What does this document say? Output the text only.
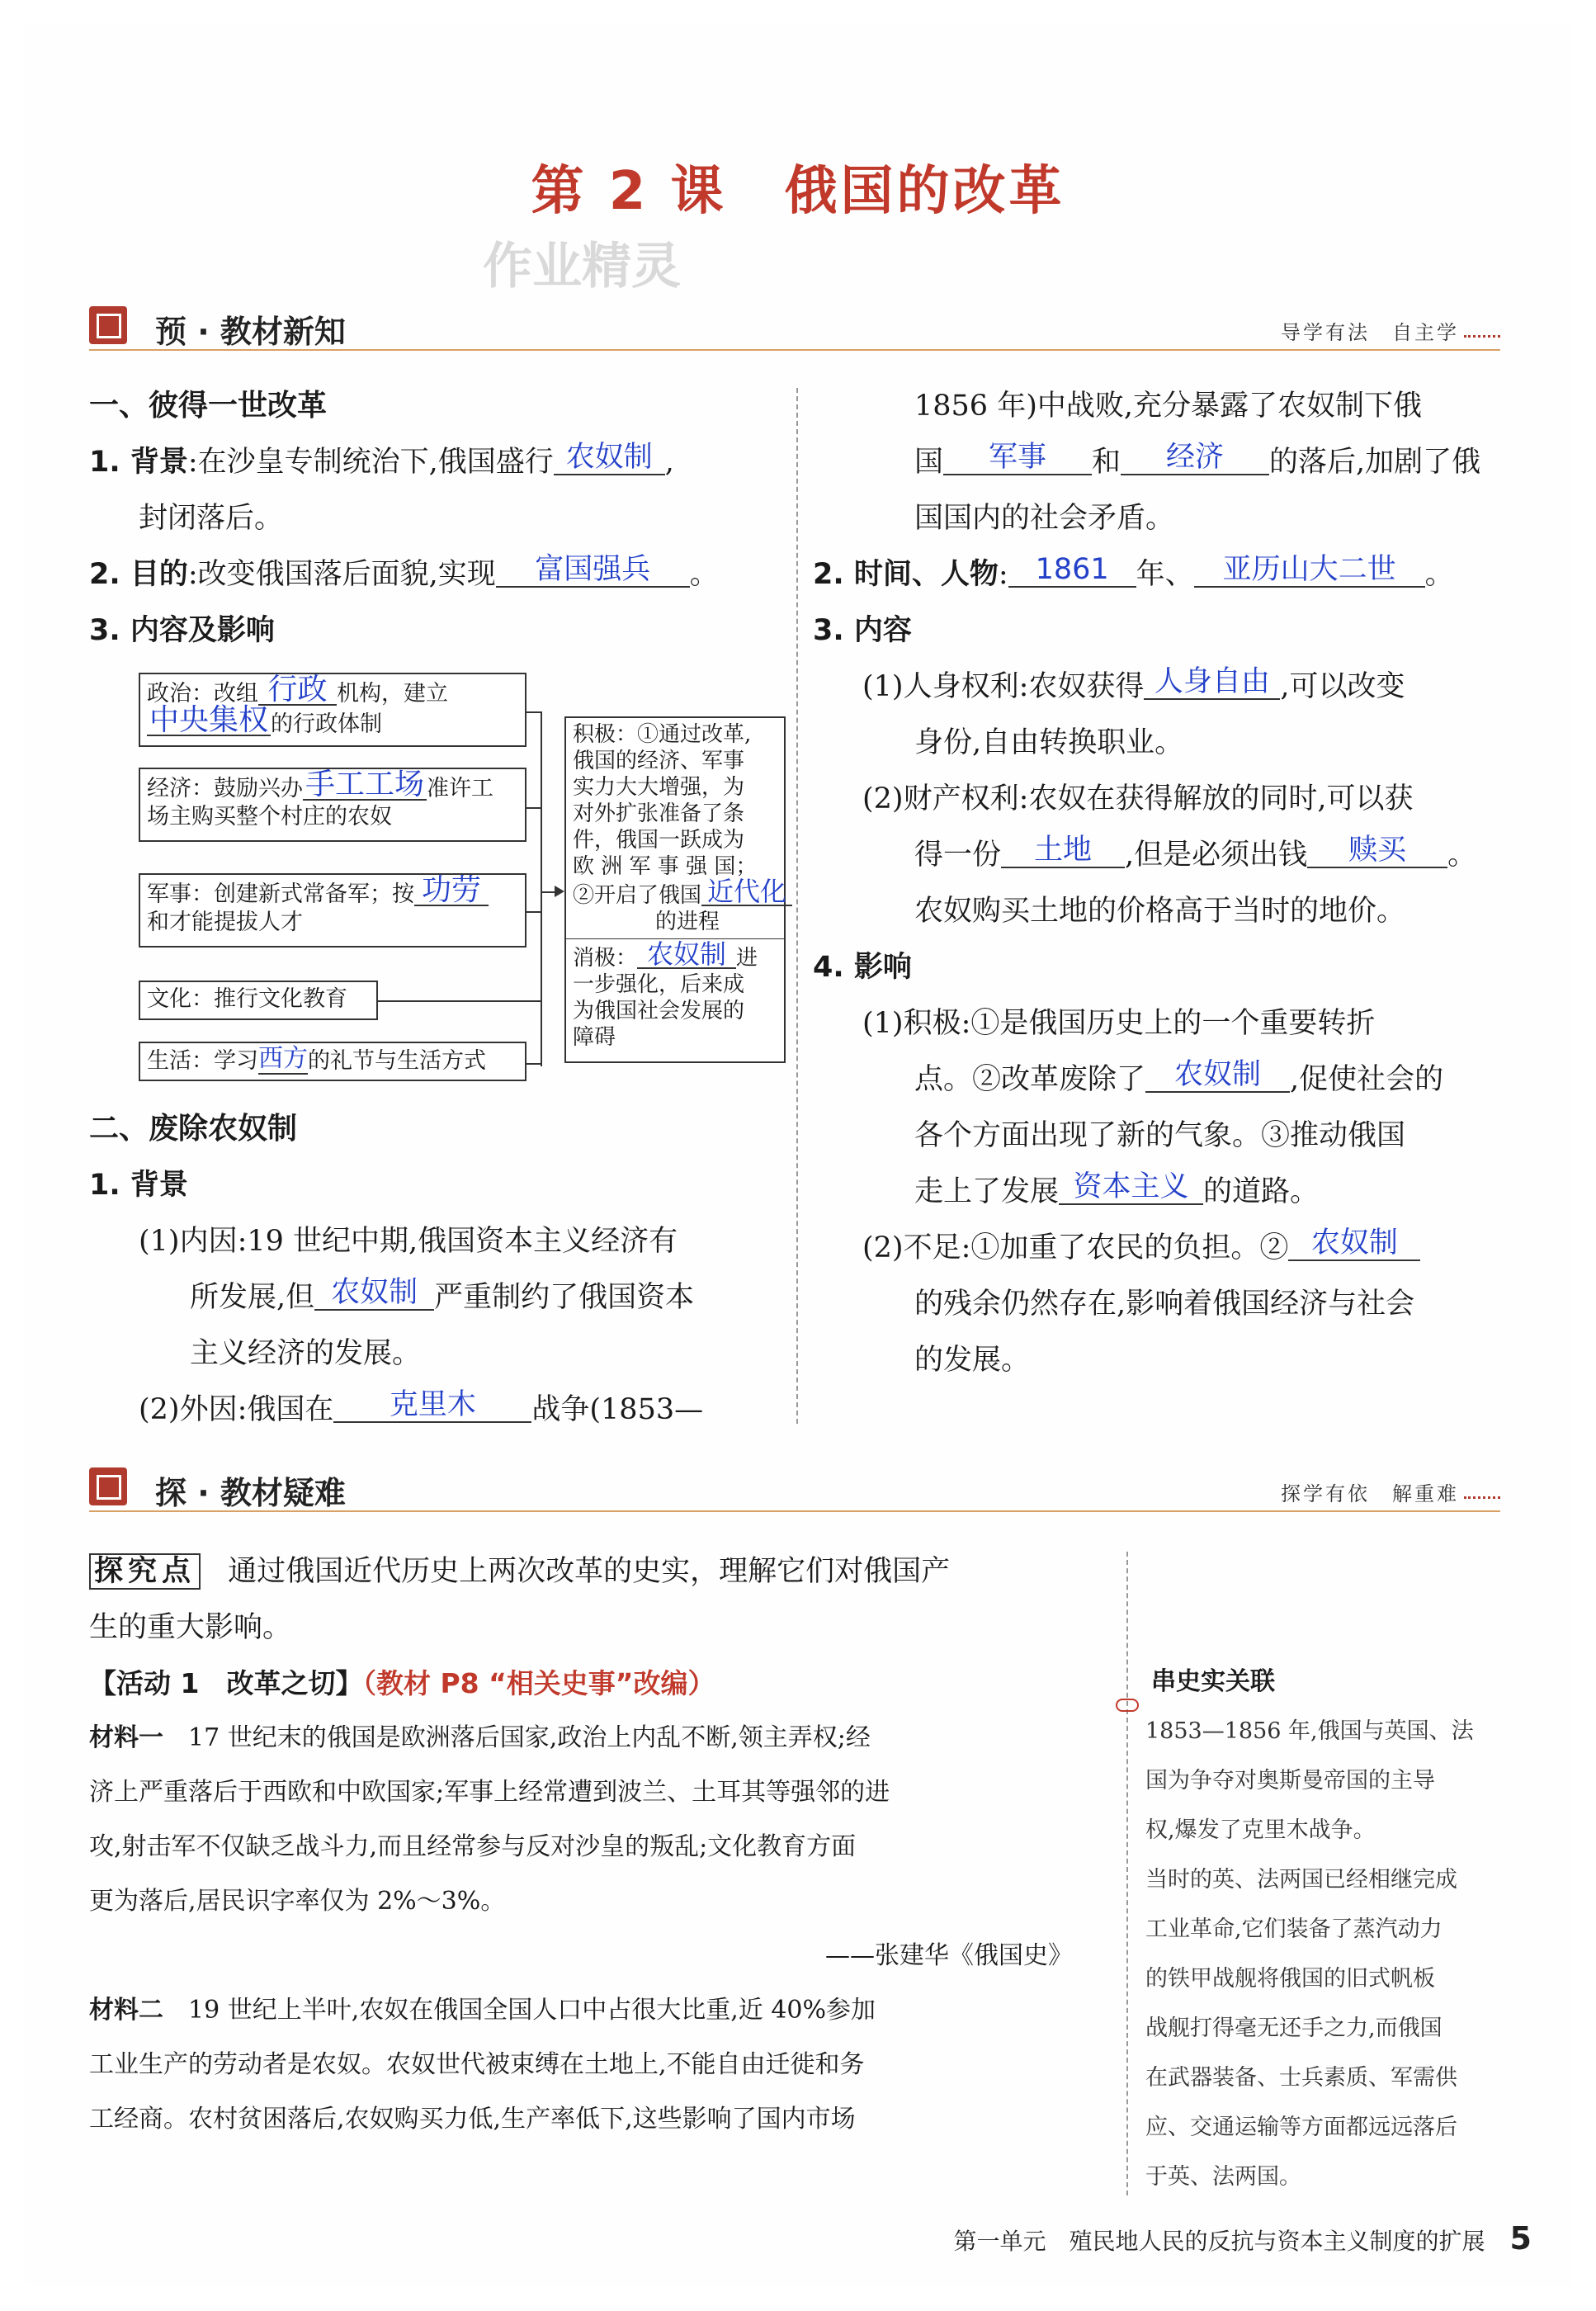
第 2 课 俄国的改革
作业精灵
预 · 教材新知	导学有法　自主学
一、彼得一世改革
1. 背景:在沙皇专制统治下,俄国盛行 农奴制 ,
封闭落后。
2. 目的:改变俄国落后面貌,实现 富国强兵 。
3. 内容及影响
政治：改组 行政 机构，建立
中央集权 的行政体制
经济：鼓励兴办手工工场 准许工
场主购买整个村庄的农奴
军事：创建新式常备军；按 功劳
和才能提拔人才
文化：推行文化教育
生活：学习西方的礼节与生活方式
积极：①通过改革,
俄国的经济、军事
实力大大增强，为
对外扩张准备了条
件，俄国一跃成为
欧 洲 军 事 强 国；
②开启了俄国 近代化
的进程
消极： 农奴制 进
一步强化，后来成
为俄国社会发展的
障碍
二、废除农奴制
1. 背景
(1)内因:19 世纪中期,俄国资本主义经济有
所发展,但 农奴制 严重制约了俄国资本
主义经济的发展。
(2)外因:俄国在 克里木 战争(1853—
1856 年)中战败,充分暴露了农奴制下俄
国 军事 和 经济 的落后,加剧了俄
国国内的社会矛盾。
2. 时间、人物: 1861 年、 亚历山大二世 。
3. 内容
(1)人身权利:农奴获得 人身自由 ,可以改变
身份,自由转换职业。
(2)财产权利:农奴在获得解放的同时,可以获
得一份 土地 ,但是必须出钱 赎买 。
农奴购买土地的价格高于当时的地价。
4. 影响
(1)积极:①是俄国历史上的一个重要转折
点。②改革废除了 农奴制 ,促使社会的
各个方面出现了新的气象。③推动俄国
走上了发展 资本主义 的道路。
(2)不足:①加重了农民的负担。② 农奴制
的残余仍然存在,影响着俄国经济与社会
的发展。
探 · 教材疑难	探学有依　解重难
探究点 通过俄国近代历史上两次改革的史实，理解它们对俄国产
生的重大影响。
【活动 1　改革之切】（教材 P8 “相关史事”改编）
材料一　 17 世纪末的俄国是欧洲落后国家,政治上内乱不断,领主弄权;经
济上严重落后于西欧和中欧国家;军事上经常遭到波兰、土耳其等强邻的进
攻,射击军不仅缺乏战斗力,而且经常参与反对沙皇的叛乱;文化教育方面
更为落后,居民识字率仅为 2%～3%。
——张建华《俄国史》
材料二　 19 世纪上半叶,农奴在俄国全国人口中占很大比重,近 40%参加
工业生产的劳动者是农奴。农奴世代被束缚在土地上,不能自由迁徙和务
工经商。农村贫困落后,农奴购买力低,生产率低下,这些影响了国内市场
串史实关联
1853—1856 年,俄国与英国、法
国为争夺对奥斯曼帝国的主导
权,爆发了克里木战争。
当时的英、法两国已经相继完成
工业革命,它们装备了蒸汽动力
的铁甲战舰将俄国的旧式帆板
战舰打得毫无还手之力,而俄国
在武器装备、士兵素质、军需供
应、交通运输等方面都远远落后
于英、法两国。
第一单元　殖民地人民的反抗与资本主义制度的扩展 5
